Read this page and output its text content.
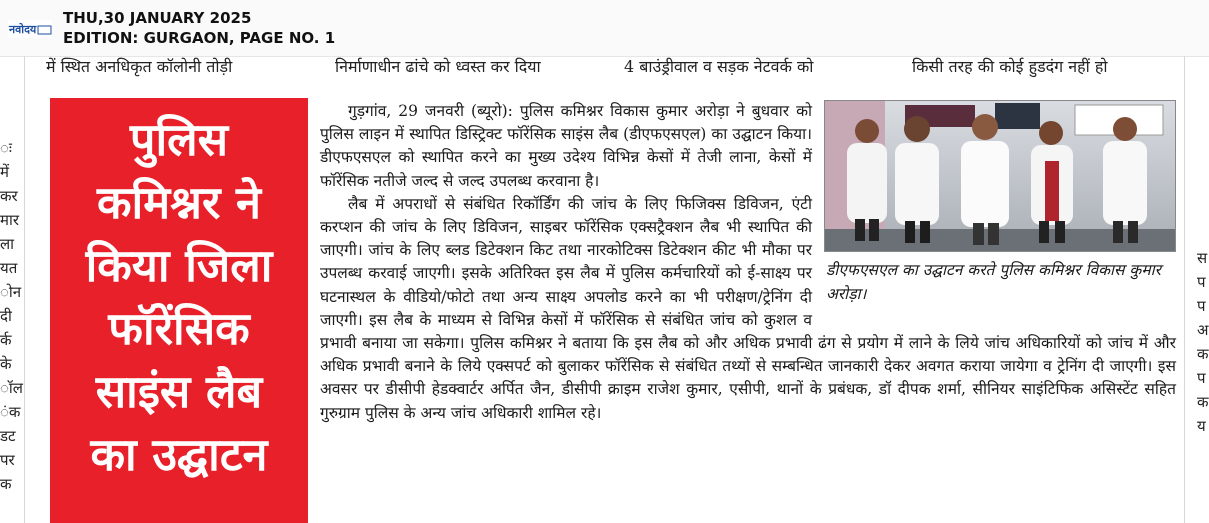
नवोदय
THU,30 JANUARY 2025
EDITION: GURGAON, PAGE NO. 1
में स्थित अनधिकृत कॉलोनी तोड़ी	निर्माणाधीन ढांचे को ध्वस्त कर दिया	4 बाउंड्रीवाल व सड़क नेटवर्क को	किसी तरह की कोई हुडदंग नहीं हो
ः
में
कर
मार
ला
यत
ोन
दी
र्क
के
ॉल
ंक
डट
पर
क
स
प
प
अ
क
प
क
य
पुलिस
कमिश्नर ने
किया जिला
फॉरेंसिक
साइंस लैब
का उद्घाटन
डीएफएसएल का उद्घाटन करते पुलिस कमिश्नर विकास कुमार अरोड़ा।

गुड़गांव, 29 जनवरी (ब्यूरो): पुलिस कमिश्नर विकास कुमार अरोड़ा ने बुधवार को पुलिस लाइन में स्थापित डिस्ट्रिक्ट फॉरेंसिक साइंस लैब (डीएफएसएल) का उद्घाटन किया। डीएफएसएल को स्थापित करने का मुख्य उदेश्य विभिन्न केसों में तेजी लाना, केसों में फॉरेंसिक नतीजे जल्द से जल्द उपलब्ध करवाना है।

लैब में अपराधों से संबंधित रिकॉर्डिंग की जांच के लिए फिजिक्स डिविजन, एंटी करप्शन की जांच के लिए डिविजन, साइबर फॉरेंसिक एक्सट्रैक्शन लैब भी स्थापित की जाएगी। जांच के लिए ब्लड डिटेक्शन किट तथा नारकोटिक्स डिटेक्शन कीट भी मौका पर उपलब्ध करवाई जाएगी। इसके अतिरिक्त इस लैब में पुलिस कर्मचारियों को ई-साक्ष्य पर घटनास्थल के वीडियो/फोटो तथा अन्य साक्ष्य अपलोड करने का भी परीक्षण/ट्रेनिंग दी जाएगी। इस लैब के माध्यम से विभिन्न केसों में फॉरेंसिक से संबंधित जांच को कुशल व प्रभावी बनाया जा सकेगा। पुलिस कमिश्नर ने बताया कि इस लैब को और अधिक प्रभावी ढंग से प्रयोग में लाने के लिये जांच अधिकारियों को जांच में और अधिक प्रभावी बनाने के लिये एक्सपर्ट को बुलाकर फॉरेंसिक से संबंधित तथ्यों से सम्बन्धित जानकारी देकर अवगत कराया जायेगा व ट्रेनिंग दी जाएगी। इस अवसर पर डीसीपी हेडक्वार्टर अर्पित जैन, डीसीपी क्राइम राजेश कुमार, एसीपी, थानों के प्रबंधक, डॉ दीपक शर्मा, सीनियर साइंटिफिक असिस्टेंट सहित गुरुग्राम पुलिस के अन्य जांच अधिकारी शामिल रहे।
